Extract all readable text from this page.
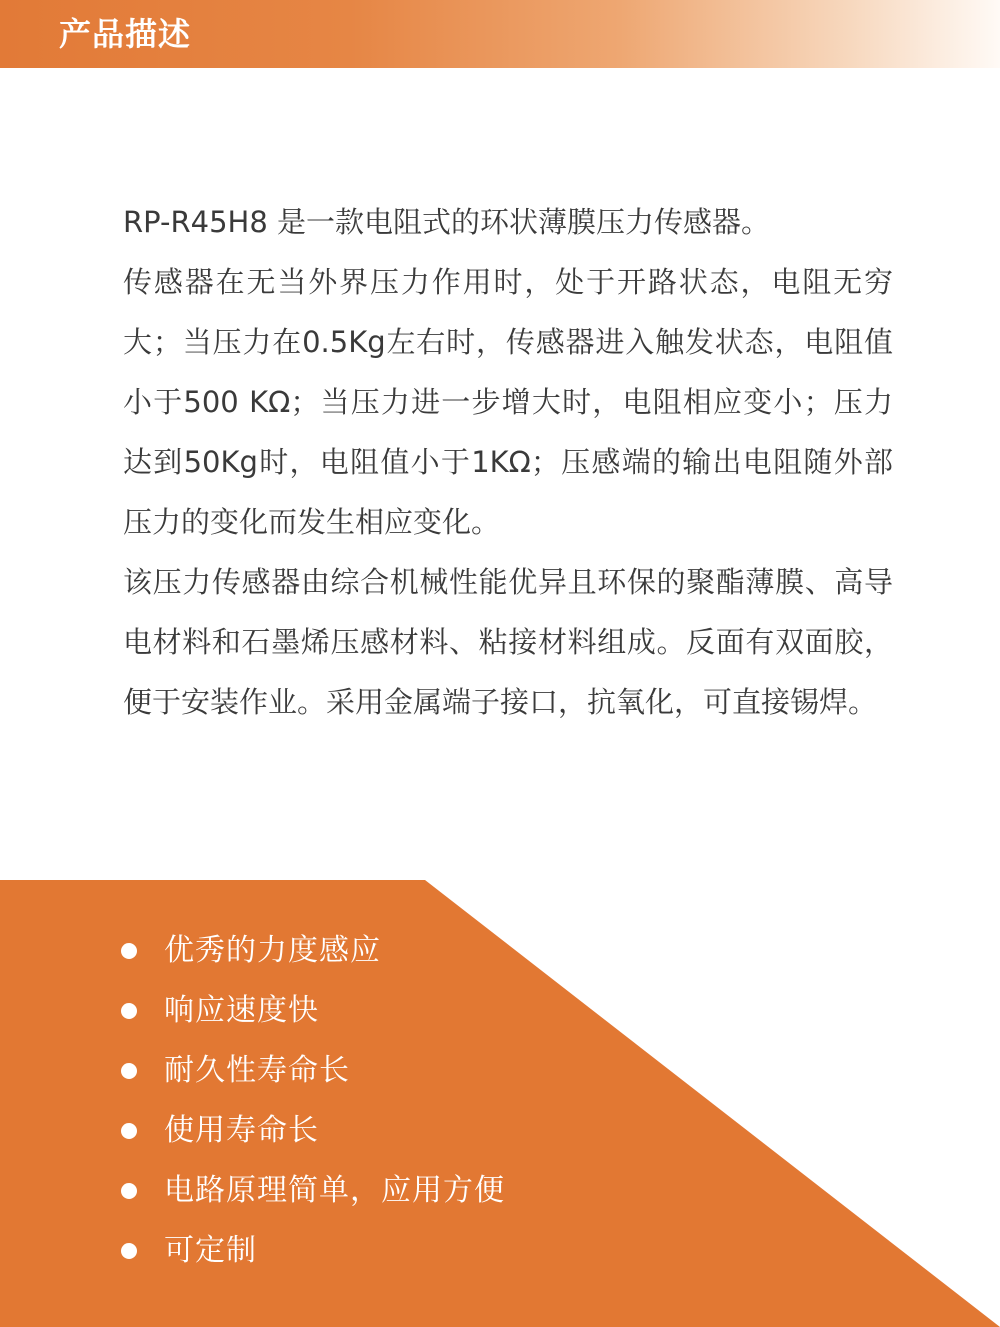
产品描述

RP-R45H8 是一款电阻式的环状薄膜压力传感器。

传感器在无当外界压力作用时，处于开路状态，电阻无穷大；当压力在0.5Kg左右时，传感器进入触发状态，电阻值小于500 KΩ；当压力进一步增大时，电阻相应变小；压力达到50Kg时，电阻值小于1KΩ；压感端的输出电阻随外部压力的变化而发生相应变化。

该压力传感器由综合机械性能优异且环保的聚酯薄膜、高导电材料和石墨烯压感材料、粘接材料组成。反面有双面胶，便于安装作业。采用金属端子接口，抗氧化，可直接锡焊。

优秀的力度感应
响应速度快
耐久性寿命长
使用寿命长
电路原理简单，应用方便
可定制
